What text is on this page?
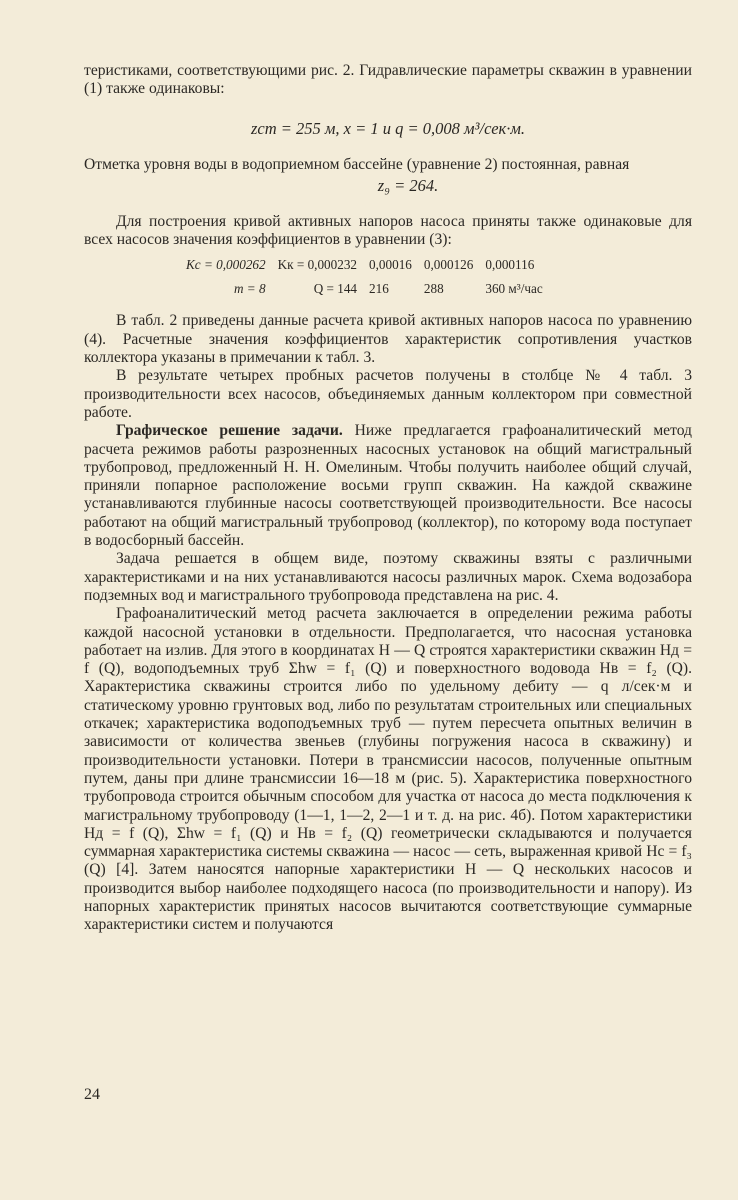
теристиками, соответствующими рис. 2. Гидравлические параметры скважин в уравнении (1) также одинаковы:

zст = 255 м, x = 1 и q = 0,008 м³/сек·м.

Отметка уровня воды в водоприемном бассейне (уравнение 2) постоянная, равная

z₉ = 264.

Для построения кривой активных напоров насоса приняты также одинаковые для всех насосов значения коэффициентов в уравнении (3):

Kс = 0,000262	Kк = 0,000232	0,00016	0,000126	0,000116
m = 8	Q = 144	216	288	360 м³/час

В табл. 2 приведены данные расчета кривой активных напоров насоса по уравнению (4). Расчетные значения коэффициентов характеристик сопротивления участков коллектора указаны в примечании к табл. 3.

В результате четырех пробных расчетов получены в столбце № 4 табл. 3 производительности всех насосов, объединяемых данным коллектором при совместной работе.

Графическое решение задачи. Ниже предлагается графоаналитический метод расчета режимов работы разрозненных насосных установок на общий магистральный трубопровод, предложенный Н. Н. Омелиным. Чтобы получить наиболее общий случай, приняли попарное расположение восьми групп скважин. На каждой скважине устанавливаются глубинные насосы соответствующей производительности. Все насосы работают на общий магистральный трубопровод (коллектор), по которому вода поступает в водосборный бассейн.

Задача решается в общем виде, поэтому скважины взяты с различными характеристиками и на них устанавливаются насосы различных марок. Схема водозабора подземных вод и магистрального трубопровода представлена на рис. 4.

Графоаналитический метод расчета заключается в определении режима работы каждой насосной установки в отдельности. Предполагается, что насосная установка работает на излив. Для этого в координатах H — Q строятся характеристики скважин Hд = f (Q), водоподъемных труб Σhw = f₁ (Q) и поверхностного водовода Hв = f₂ (Q). Характеристика скважины строится либо по удельному дебиту — q л/сек·м и статическому уровню грунтовых вод, либо по результатам строительных или специальных откачек; характеристика водоподъемных труб — путем пересчета опытных величин в зависимости от количества звеньев (глубины погружения насоса в скважину) и производительности установки. Потери в трансмиссии насосов, полученные опытным путем, даны при длине трансмиссии 16—18 м (рис. 5). Характеристика поверхностного трубопровода строится обычным способом для участка от насоса до места подключения к магистральному трубопроводу (1—1, 1—2, 2—1 и т. д. на рис. 4б). Потом характеристики Hд = f (Q), Σhw = f₁ (Q) и Hв = f₂ (Q) геометрически складываются и получается суммарная характеристика системы скважина — насос — сеть, выраженная кривой Hс = f₃ (Q) [4]. Затем наносятся напорные характеристики H — Q нескольких насосов и производится выбор наиболее подходящего насоса (по производительности и напору). Из напорных характеристик принятых насосов вычитаются соответствующие суммарные характеристики систем и получаются

24
